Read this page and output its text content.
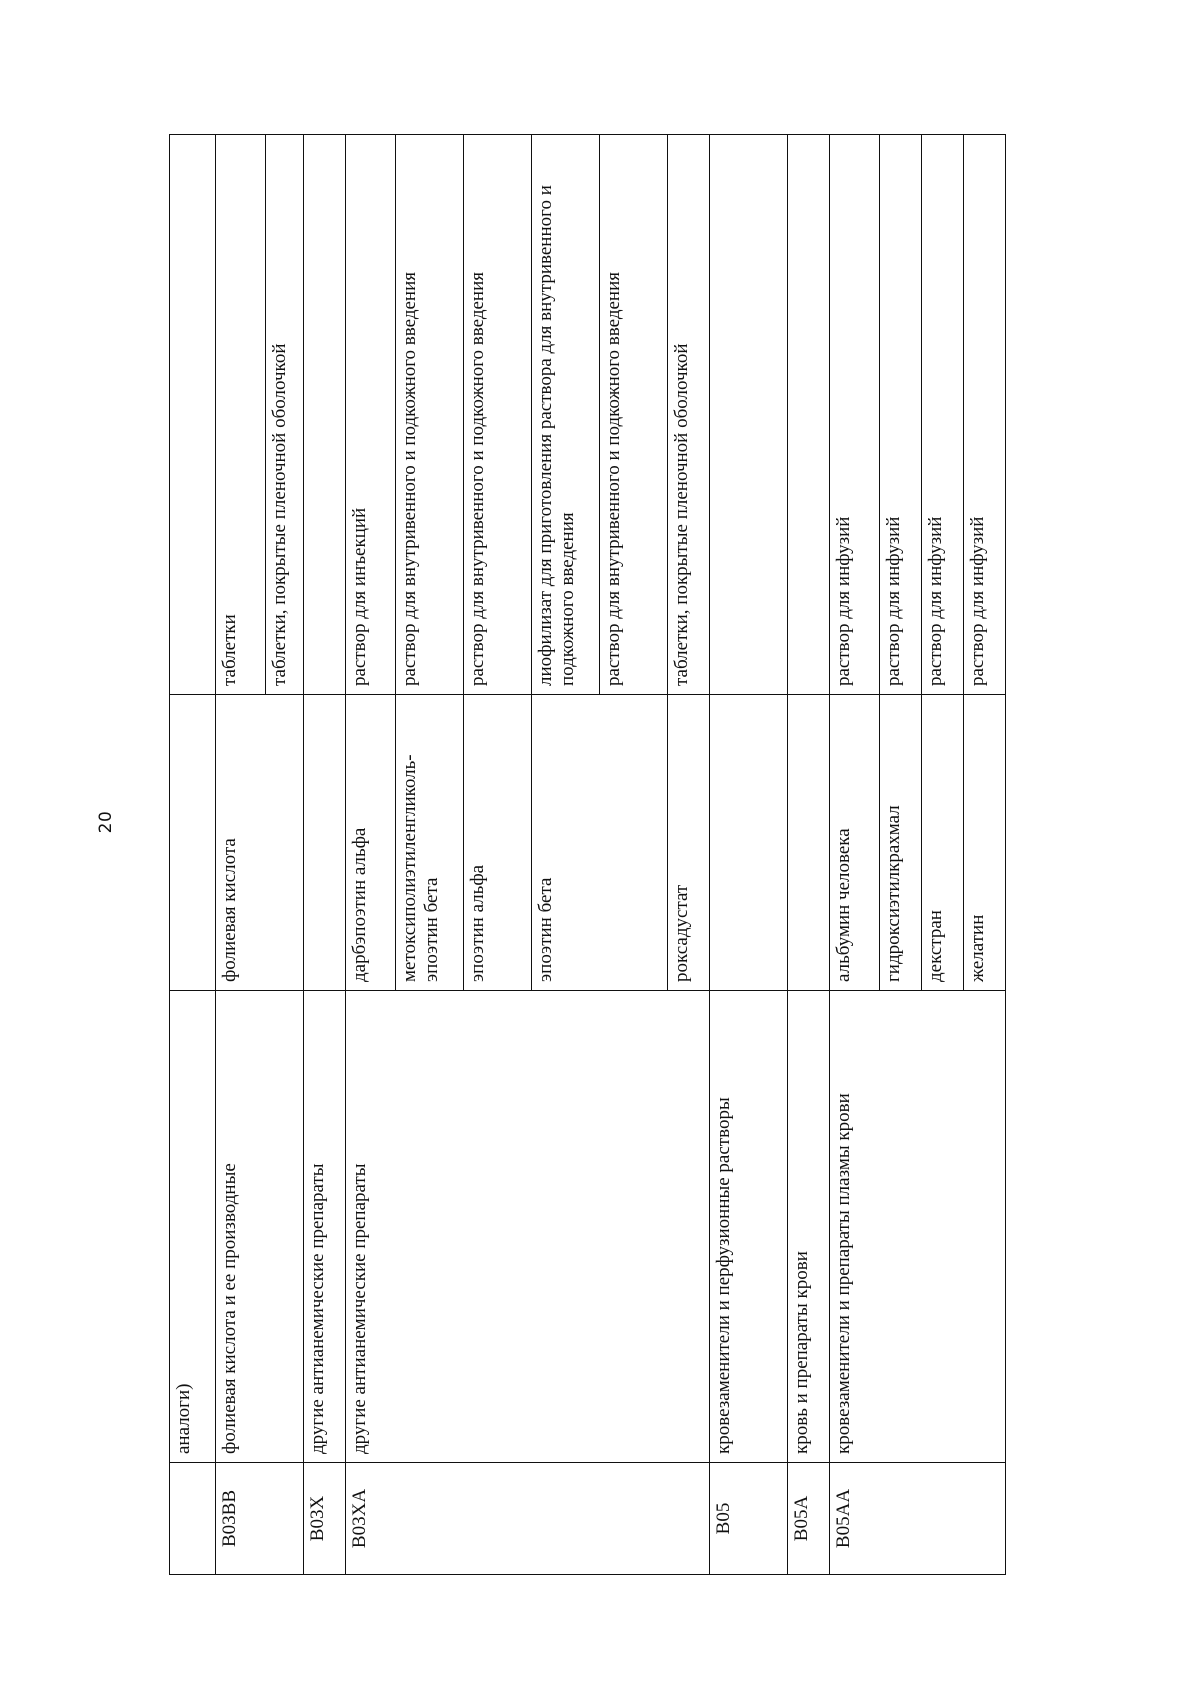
20
	аналоги)		
B03BB	фолиевая кислота и ее производные	фолиевая кислота	таблетки
			таблетки, покрытые пленочной оболочкой
B03X	другие антианемические препараты		
B03XA	другие антианемические препараты	дарбэпоэтин альфа	раствор для инъекций
		метоксиполиэтиленгликоль-эпоэтин бета	раствор для внутривенного и подкожного введения
		эпоэтин альфа	раствор для внутривенного и подкожного введения
		эпоэтин бета	лиофилизат для приготовления раствора для внутривенного и подкожного введения
			раствор для внутривенного и подкожного введения
		роксадустат	таблетки, покрытые пленочной оболочкой
B05	кровезаменители и перфузионные растворы		
B05A	кровь и препараты крови		
B05AA	кровезаменители и препараты плазмы крови	альбумин человека	раствор для инфузий
		гидроксиэтилкрахмал	раствор для инфузий
		декстран	раствор для инфузий
		желатин	раствор для инфузий
